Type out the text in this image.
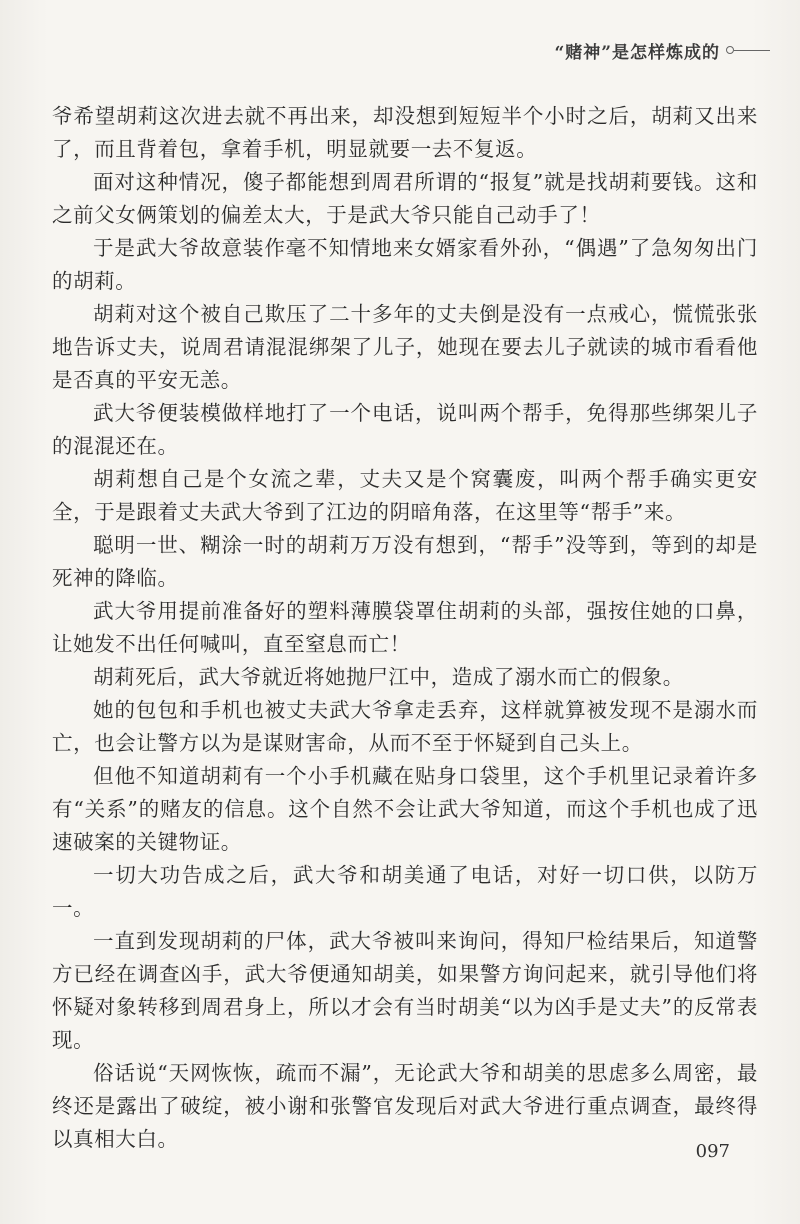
“赌神”是怎样炼成的

爷希望胡莉这次进去就不再出来，却没想到短短半个小时之后，胡莉又出来了，而且背着包，拿着手机，明显就要一去不复返。

面对这种情况，傻子都能想到周君所谓的“报复”就是找胡莉要钱。这和之前父女俩策划的偏差太大，于是武大爷只能自己动手了！

于是武大爷故意装作毫不知情地来女婿家看外孙，“偶遇”了急匆匆出门的胡莉。

胡莉对这个被自己欺压了二十多年的丈夫倒是没有一点戒心，慌慌张张地告诉丈夫，说周君请混混绑架了儿子，她现在要去儿子就读的城市看看他是否真的平安无恙。

武大爷便装模做样地打了一个电话，说叫两个帮手，免得那些绑架儿子的混混还在。

胡莉想自己是个女流之辈，丈夫又是个窝囊废，叫两个帮手确实更安全，于是跟着丈夫武大爷到了江边的阴暗角落，在这里等“帮手”来。

聪明一世、糊涂一时的胡莉万万没有想到，“帮手”没等到，等到的却是死神的降临。

武大爷用提前准备好的塑料薄膜袋罩住胡莉的头部，强按住她的口鼻，让她发不出任何喊叫，直至窒息而亡！

胡莉死后，武大爷就近将她抛尸江中，造成了溺水而亡的假象。

她的包包和手机也被丈夫武大爷拿走丢弃，这样就算被发现不是溺水而亡，也会让警方以为是谋财害命，从而不至于怀疑到自己头上。

但他不知道胡莉有一个小手机藏在贴身口袋里，这个手机里记录着许多有“关系”的赌友的信息。这个自然不会让武大爷知道，而这个手机也成了迅速破案的关键物证。

一切大功告成之后，武大爷和胡美通了电话，对好一切口供，以防万一。

一直到发现胡莉的尸体，武大爷被叫来询问，得知尸检结果后，知道警方已经在调查凶手，武大爷便通知胡美，如果警方询问起来，就引导他们将怀疑对象转移到周君身上，所以才会有当时胡美“以为凶手是丈夫”的反常表现。

俗话说“天网恢恢，疏而不漏”，无论武大爷和胡美的思虑多么周密，最终还是露出了破绽，被小谢和张警官发现后对武大爷进行重点调查，最终得以真相大白。

097
